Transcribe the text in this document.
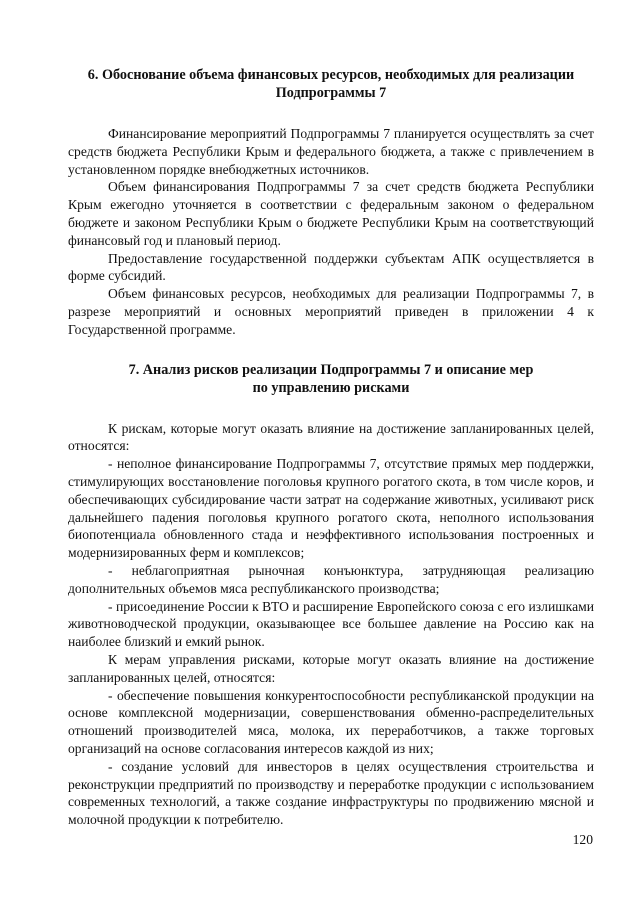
6. Обоснование объема финансовых ресурсов, необходимых для реализации
Подпрограммы 7

Финансирование мероприятий Подпрограммы 7 планируется осуществлять за счет средств бюджета Республики Крым и федерального бюджета, а также с привлечением в установленном порядке внебюджетных источников.

Объем финансирования Подпрограммы 7 за счет средств бюджета Республики Крым ежегодно уточняется в соответствии с федеральным законом о федеральном бюджете и законом Республики Крым о бюджете Республики Крым на соответствующий финансовый год и плановый период.

Предоставление государственной поддержки субъектам АПК осуществляется в форме субсидий.

Объем финансовых ресурсов, необходимых для реализации Подпрограммы 7, в разрезе мероприятий и основных мероприятий приведен в приложении 4 к Государственной программе.

7. Анализ рисков реализации Подпрограммы 7 и описание мер
по управлению рисками

К рискам, которые могут оказать влияние на достижение запланированных целей, относятся:

- неполное финансирование Подпрограммы 7, отсутствие прямых мер поддержки, стимулирующих восстановление поголовья крупного рогатого скота, в том числе коров, и обеспечивающих субсидирование части затрат на содержание животных, усиливают риск дальнейшего падения поголовья крупного рогатого скота, неполного использования биопотенциала обновленного стада и неэффективного использования построенных и модернизированных ферм и комплексов;

- неблагоприятная рыночная конъюнктура, затрудняющая реализацию дополнительных объемов мяса республиканского производства;

- присоединение России к ВТО и расширение Европейского союза с его излишками животноводческой продукции, оказывающее все большее давление на Россию как на наиболее близкий и емкий рынок.

К мерам управления рисками, которые могут оказать влияние на достижение запланированных целей, относятся:

- обеспечение повышения конкурентоспособности республиканской продукции на основе комплексной модернизации, совершенствования обменно-распределительных отношений производителей мяса, молока, их переработчиков, а также торговых организаций на основе согласования интересов каждой из них;

- создание условий для инвесторов в целях осуществления строительства и реконструкции предприятий по производству и переработке продукции с использованием современных технологий, а также создание инфраструктуры по продвижению мясной и молочной продукции к потребителю.

120
